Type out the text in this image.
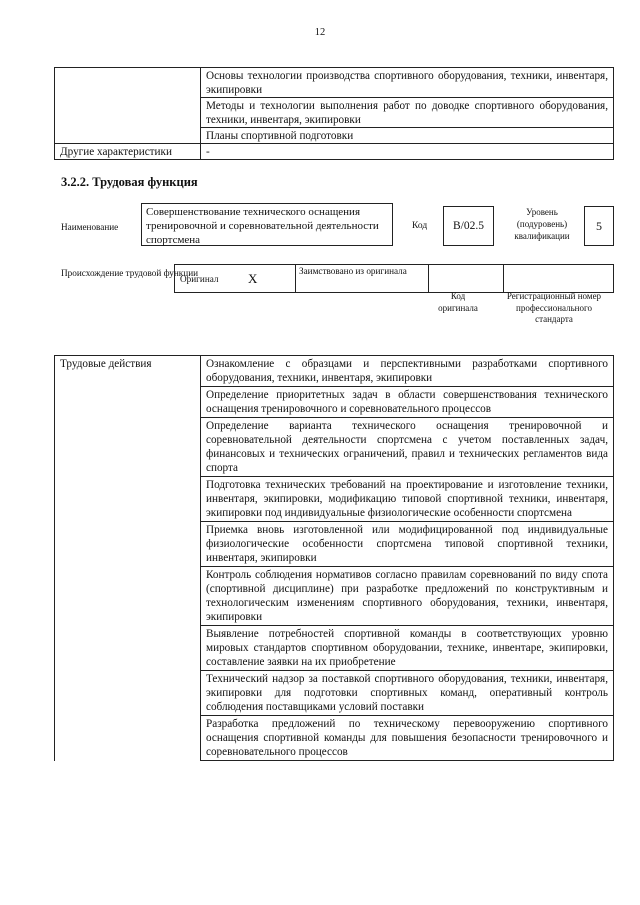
12
	Основы технологии производства спортивного оборудования, техники, инвентаря, экипировки
	Методы и технологии выполнения работ по доводке спортивного оборудования, техники, инвентаря, экипировки
	Планы спортивной подготовки
Другие характеристики	-
3.2.2. Трудовая функция
Наименование
Совершенствование технического оснащения тренировочной и соревновательной деятельности спортсмена
Код	B/02.5
Уровень (подуровень) квалификации
5
Происхождение трудовой функции
Оригинал	X	Заимствовано из оригинала		
Код оригинала
Регистрационный номер профессионального стандарта
Трудовые действия	Ознакомление с образцами и перспективными разработками спортивного оборудования, техники, инвентаря, экипировки
	Определение приоритетных задач в области совершенствования технического оснащения тренировочного и соревновательного процессов
	Определение варианта технического оснащения тренировочной и соревновательной деятельности спортсмена с учетом поставленных задач, финансовых и технических ограничений, правил и технических регламентов вида спорта
	Подготовка технических требований на проектирование и изготовление техники, инвентаря, экипировки, модификацию типовой спортивной техники, инвентаря, экипировки под индивидуальные физиологические особенности спортсмена
	Приемка вновь изготовленной или модифицированной под индивидуальные физиологические особенности спортсмена типовой спортивной техники, инвентаря, экипировки
	Контроль соблюдения нормативов согласно правилам соревнований по виду спота (спортивной дисциплине) при разработке предложений по конструктивным и технологическим изменениям спортивного оборудования, техники, инвентаря, экипировки
	Выявление потребностей спортивной команды в соответствующих уровню мировых стандартов спортивном оборудовании, технике, инвентаре, экипировки, составление заявки на их приобретение
	Технический надзор за поставкой спортивного оборудования, техники, инвентаря, экипировки для подготовки спортивных команд, оперативный контроль соблюдения поставщиками условий поставки
	Разработка предложений по техническому перевооружению спортивного оснащения спортивной команды для повышения безопасности тренировочного и соревновательного процессов
